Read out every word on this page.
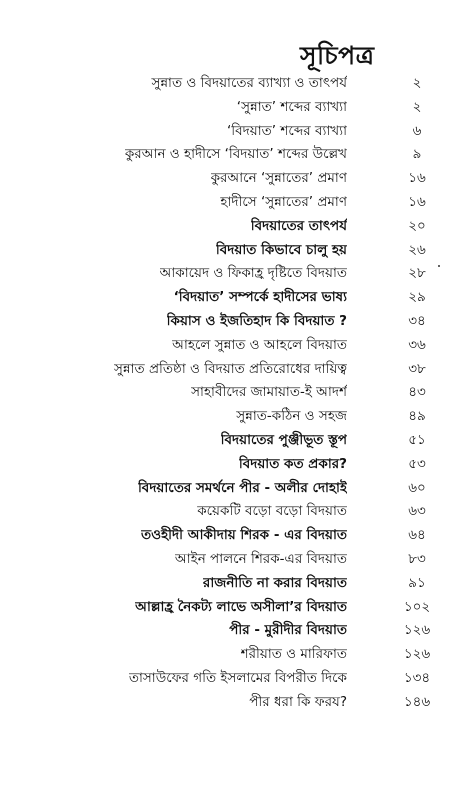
সূচিপত্র
সুন্নাত ও বিদয়াতের ব্যাখ্যা ও তাৎপর্য	২
‘সুন্নাত’ শব্দের ব্যাখ্যা	২
‘বিদয়াত’ শব্দের ব্যাখ্যা	৬
কুরআন ও হাদীসে ‘বিদয়াত’ শব্দের উল্লেখ	৯
কুরআনে ‘সুন্নাতের’ প্রমাণ	১৬
হাদীসে ‘সুন্নাতের’ প্রমাণ	১৬
বিদয়াতের তাৎপর্য	২০
বিদয়াত কিভাবে চালু হয়	২৬
আকায়েদ ও ফিকাহ্র দৃষ্টিতে বিদয়াত	২৮
‘বিদয়াত’ সম্পর্কে হাদীসের ভাষ্য	২৯
কিয়াস ও ইজতিহাদ কি বিদয়াত ?	৩৪
আহলে সুন্নাত ও আহলে বিদয়াত	৩৬
সুন্নাত প্রতিষ্ঠা ও বিদয়াত প্রতিরোধের দায়িত্ব	৩৮
সাহাবীদের জামায়াত-ই আদর্শ	৪৩
সুন্নাত-কঠিন ও সহজ	৪৯
বিদয়াতের পুঞ্জীভূত স্তূপ	৫১
বিদয়াত কত প্রকার?	৫৩
বিদয়াতের সমর্থনে পীর - অলীর দোহাই	৬০
কয়েকটি বড়ো বড়ো বিদয়াত	৬৩
তওহীদী আকীদায় শিরক - এর বিদয়াত	৬৪
আইন পালনে শিরক-এর বিদয়াত	৮৩
রাজনীতি না করার বিদয়াত	৯১
আল্লাহ্র নৈকট্য লাভে অসীলা’র বিদয়াত	১০২
পীর - মুরীদীর বিদয়াত	১২৬
শরীয়াত ও মারিফাত	১২৬
তাসাউফের গতি ইসলামের বিপরীত দিকে	১৩৪
পীর ধরা কি ফরয?	১৪৬
